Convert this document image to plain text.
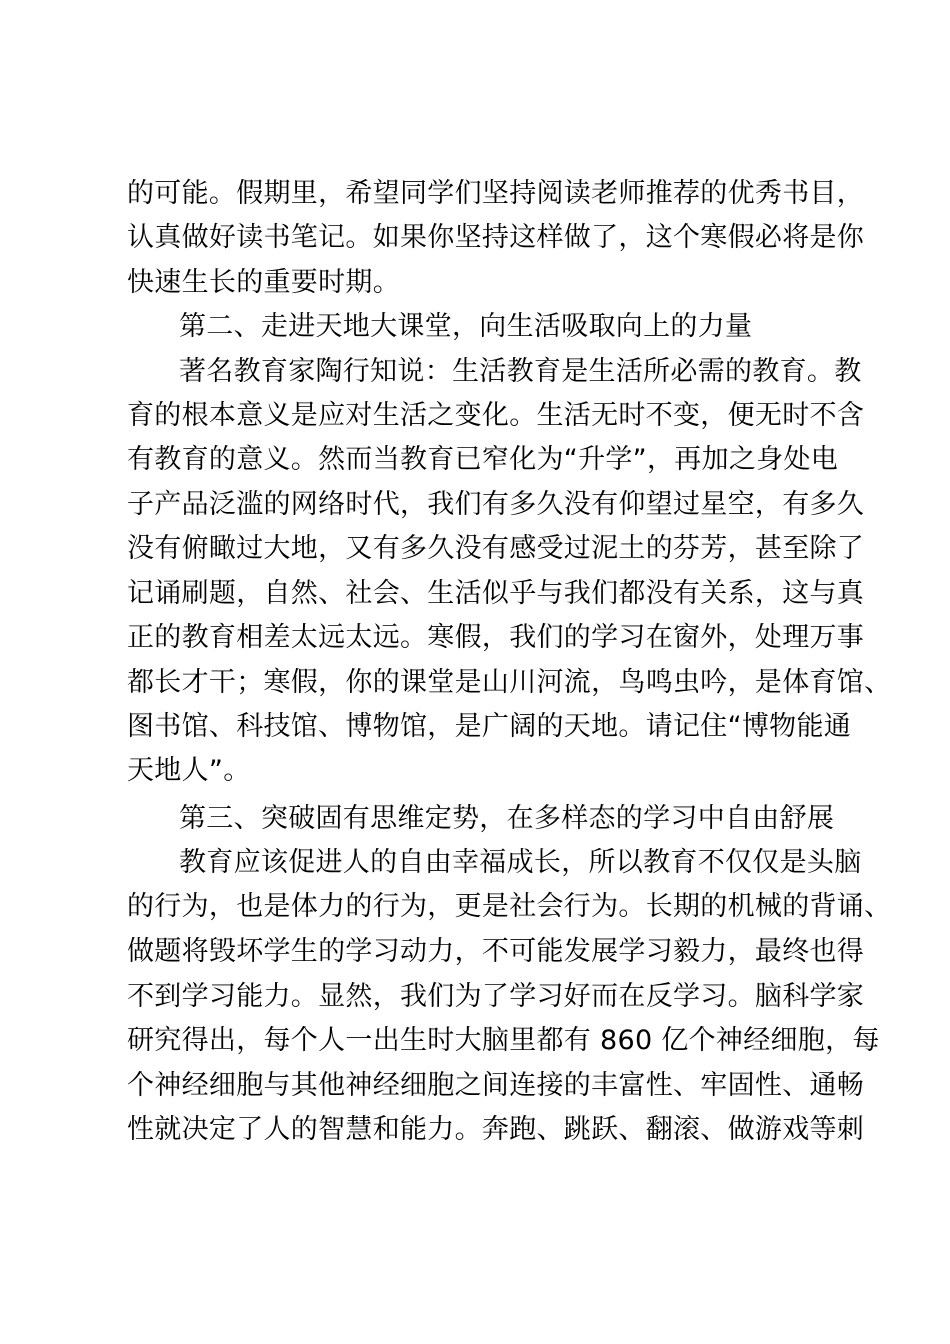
的可能。假期里，希望同学们坚持阅读老师推荐的优秀书目，
认真做好读书笔记。如果你坚持这样做了，这个寒假必将是你
快速生长的重要时期。
第二、走进天地大课堂，向生活吸取向上的力量
著名教育家陶行知说：生活教育是生活所必需的教育。教
育的根本意义是应对生活之变化。生活无时不变，便无时不含
有教育的意义。然而当教育已窄化为“升学”，再加之身处电
子产品泛滥的网络时代，我们有多久没有仰望过星空，有多久
没有俯瞰过大地，又有多久没有感受过泥土的芬芳，甚至除了
记诵刷题，自然、社会、生活似乎与我们都没有关系，这与真
正的教育相差太远太远。寒假，我们的学习在窗外，处理万事
都长才干；寒假，你的课堂是山川河流，鸟鸣虫吟，是体育馆、
图书馆、科技馆、博物馆，是广阔的天地。请记住“博物能通
天地人”。
第三、突破固有思维定势，在多样态的学习中自由舒展
教育应该促进人的自由幸福成长，所以教育不仅仅是头脑
的行为，也是体力的行为，更是社会行为。长期的机械的背诵、
做题将毁坏学生的学习动力，不可能发展学习毅力，最终也得
不到学习能力。显然，我们为了学习好而在反学习。脑科学家
研究得出，每个人一出生时大脑里都有 860 亿个神经细胞，每
个神经细胞与其他神经细胞之间连接的丰富性、牢固性、通畅
性就决定了人的智慧和能力。奔跑、跳跃、翻滚、做游戏等刺
